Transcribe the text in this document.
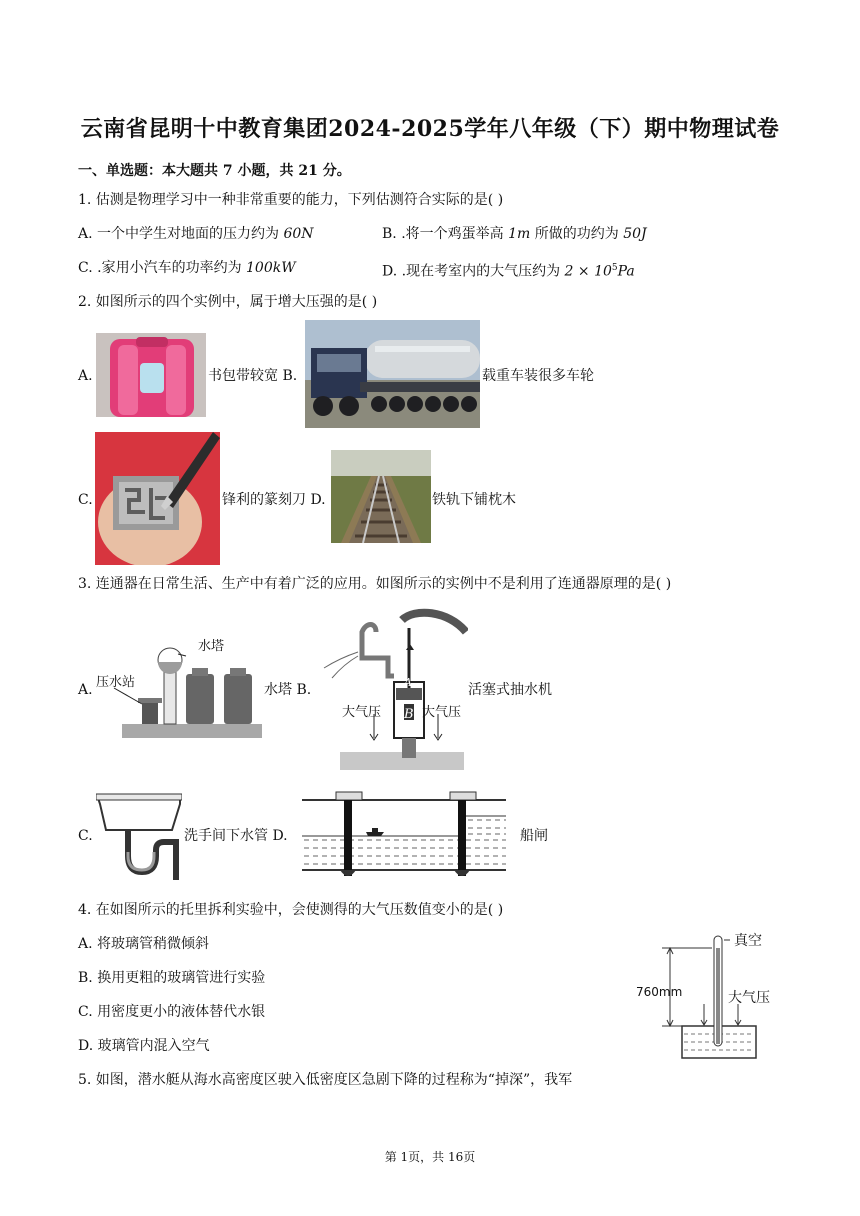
云南省昆明十中教育集团2024-2025学年八年级（下）期中物理试卷
一、单选题：本大题共 7 小题，共 21 分。
1. 估测是物理学习中一种非常重要的能力，下列估测符合实际的是( )
A. 一个中学生对地面的压力约为 60N	B. .将一个鸡蛋举高 1m 所做的功约为 50J
C. .家用小汽车的功率约为 100kW	D. .现在考室内的大气压约为 $2 \times 10^5Pa$
2. 如图所示的四个实例中，属于增大压强的是( )
A.	书包带较宽 B.	载重车装很多车轮
C.	锋利的篆刻刀 D.	铁轨下铺枕木
3. 连通器在日常生活、生产中有着广泛的应用。如图所示的实例中不是利用了连通器原理的是( )
A.
水塔
压水站	水塔 B.	A
B
大气压	大气压
活塞式抽水机
C.	洗手间下水管 D.	船闸
4. 在如图所示的托里拆利实验中，会使测得的大气压数值变小的是( )
A. 将玻璃管稍微倾斜
B. 换用更粗的玻璃管进行实验
C. 用密度更小的液体替代水银
D. 玻璃管内混入空气
真空
760mm	大气压
5. 如图，潜水艇从海水高密度区驶入低密度区急剧下降的过程称为“掉深”，我军
第 1页，共 16页
